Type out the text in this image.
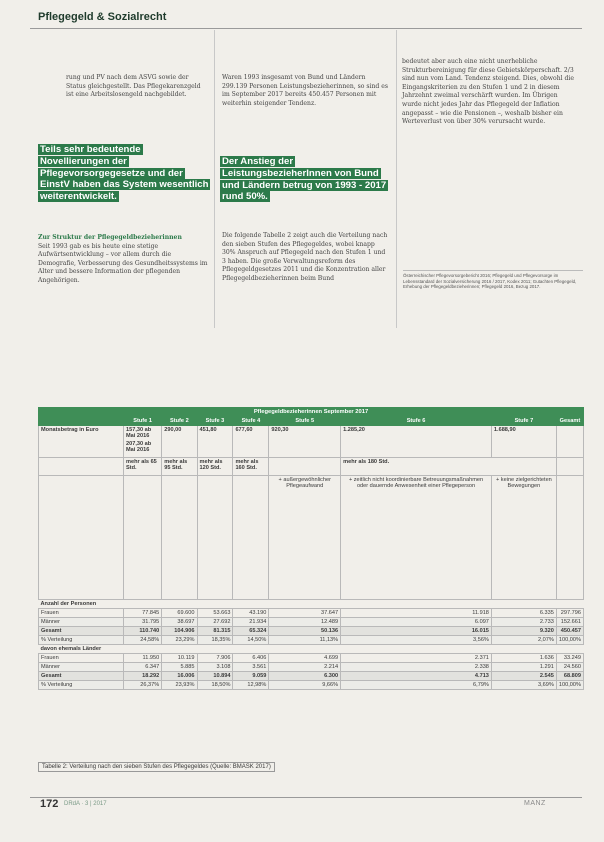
Pflegegeld & Sozialrecht

rung und PV nach dem ASVG sowie der Status gleichgestellt. Das Pflegekarenzgeld ist eine Arbeitslosengeld nachgebildet.

Teils sehr bedeutende Novellierungen der Pflegevorsorgegesetze und der EinstV haben das System wesentlich weiterentwickelt.

Zur Struktur der Pflegegeldbezieherinnen

Seit 1993 gab es bis heute eine stetige Aufwärtsentwicklung – vor allem durch die Demografie, Verbesserung des Gesundheitssystems im Alter und bessere Information der pflegenden Angehörigen.

Waren 1993 insgesamt von Bund und Ländern 299.139 Personen Leistungsbezieherinnen, so sind es im September 2017 bereits 450.457 Personen mit weiterhin steigender Tendenz.

Der Anstieg der LeistungsbezieherInnen von Bund und Ländern betrug von 1993 - 2017 rund 50%.

Die folgende Tabelle 2 zeigt auch die Verteilung nach den sieben Stufen des Pflegegeldes, wobei knapp 30% Anspruch auf Pflegegeld nach den Stufen 1 und 3 haben. Die große Verwaltungsreform des Pflegegeldgesetzes 2011 und die Konzentration aller Pflegegeldbezieherinnen beim Bund

bedeutet aber auch eine nicht unerhebliche Strukturbereinigung für diese Gebietskörperschaft. 2/3 sind nun vom Land. Tendenz steigend. Dies, obwohl die Eingangskriterien zu den Stufen 1 und 2 in diesem Jahrzehnt zweimal verschärft wurden. Im Übrigen wurde nicht jedes Jahr das Pflegegeld der Inflation angepasst – wie die Pensionen –, weshalb bisher ein Werteverlust von über 30% verursacht wurde.

Österreichischer Pflegevorsorgebericht 2016; Pflegegeld und Pflegevorsorge im Lebensstandard der Sozialversicherung 2016 / 2017, Kodex 2011; Gutachten Pflegegeld, Erhebung der Pflegegeldbezieherinnen; Pflegegeld 2016, Bezug 2017.
Pflegegeldbezieherinnen September 2017								
	Stufe 1	Stufe 2	Stufe 3	Stufe 4	Stufe 5	Stufe 6	Stufe 7	Gesamt
Monatsbetrag in Euro	157,30 ab Mai 2016
207,30 ab Mai 2016	290,00	451,80	677,60	920,30	1.285,20	1.688,90	
	mehr als 65 Std.	mehr als 95 Std.	mehr als 120 Std.	mehr als 160 Std.		mehr als 180 Std.		
					+ außergewöhnlicher Pflegeaufwand	+ zeitlich nicht koordinierbare Betreuungsmaßnahmen oder dauernde Anwesenheit einer Pflegeperson	+ keine zielgerichteten Bewegungen	
Anzahl der Personen								
Frauen	77.845	69.600	53.663	43.190	37.647	11.918	6.335	297.796
Männer	31.795	38.697	27.692	21.934	12.489	6.097	2.733	152.661
Gesamt	110.740	104.906	81.315	65.324	50.136	16.015	9.320	450.457
% Verteilung	24,58%	23,29%	18,35%	14,50%	11,13%	3,56%	2,07%	100,00%
davon ehemals Länder								
Frauen	11.950	10.119	7.906	6.406	4.699	2.371	1.636	33.249
Männer	6.347	5.885	3.108	3.561	2.214	2.338	1.291	24.560
Gesamt	18.292	16.006	10.894	9.059	6.300	4.713	2.545	68.809
% Verteilung	26,37%	23,93%	18,50%	12,98%	9,66%	6,79%	3,69%	100,00%
Tabelle 2: Verteilung nach den sieben Stufen des Pflegegeldes (Quelle: BMASK 2017)
172 DRdA · 3 | 2017	MANZ
